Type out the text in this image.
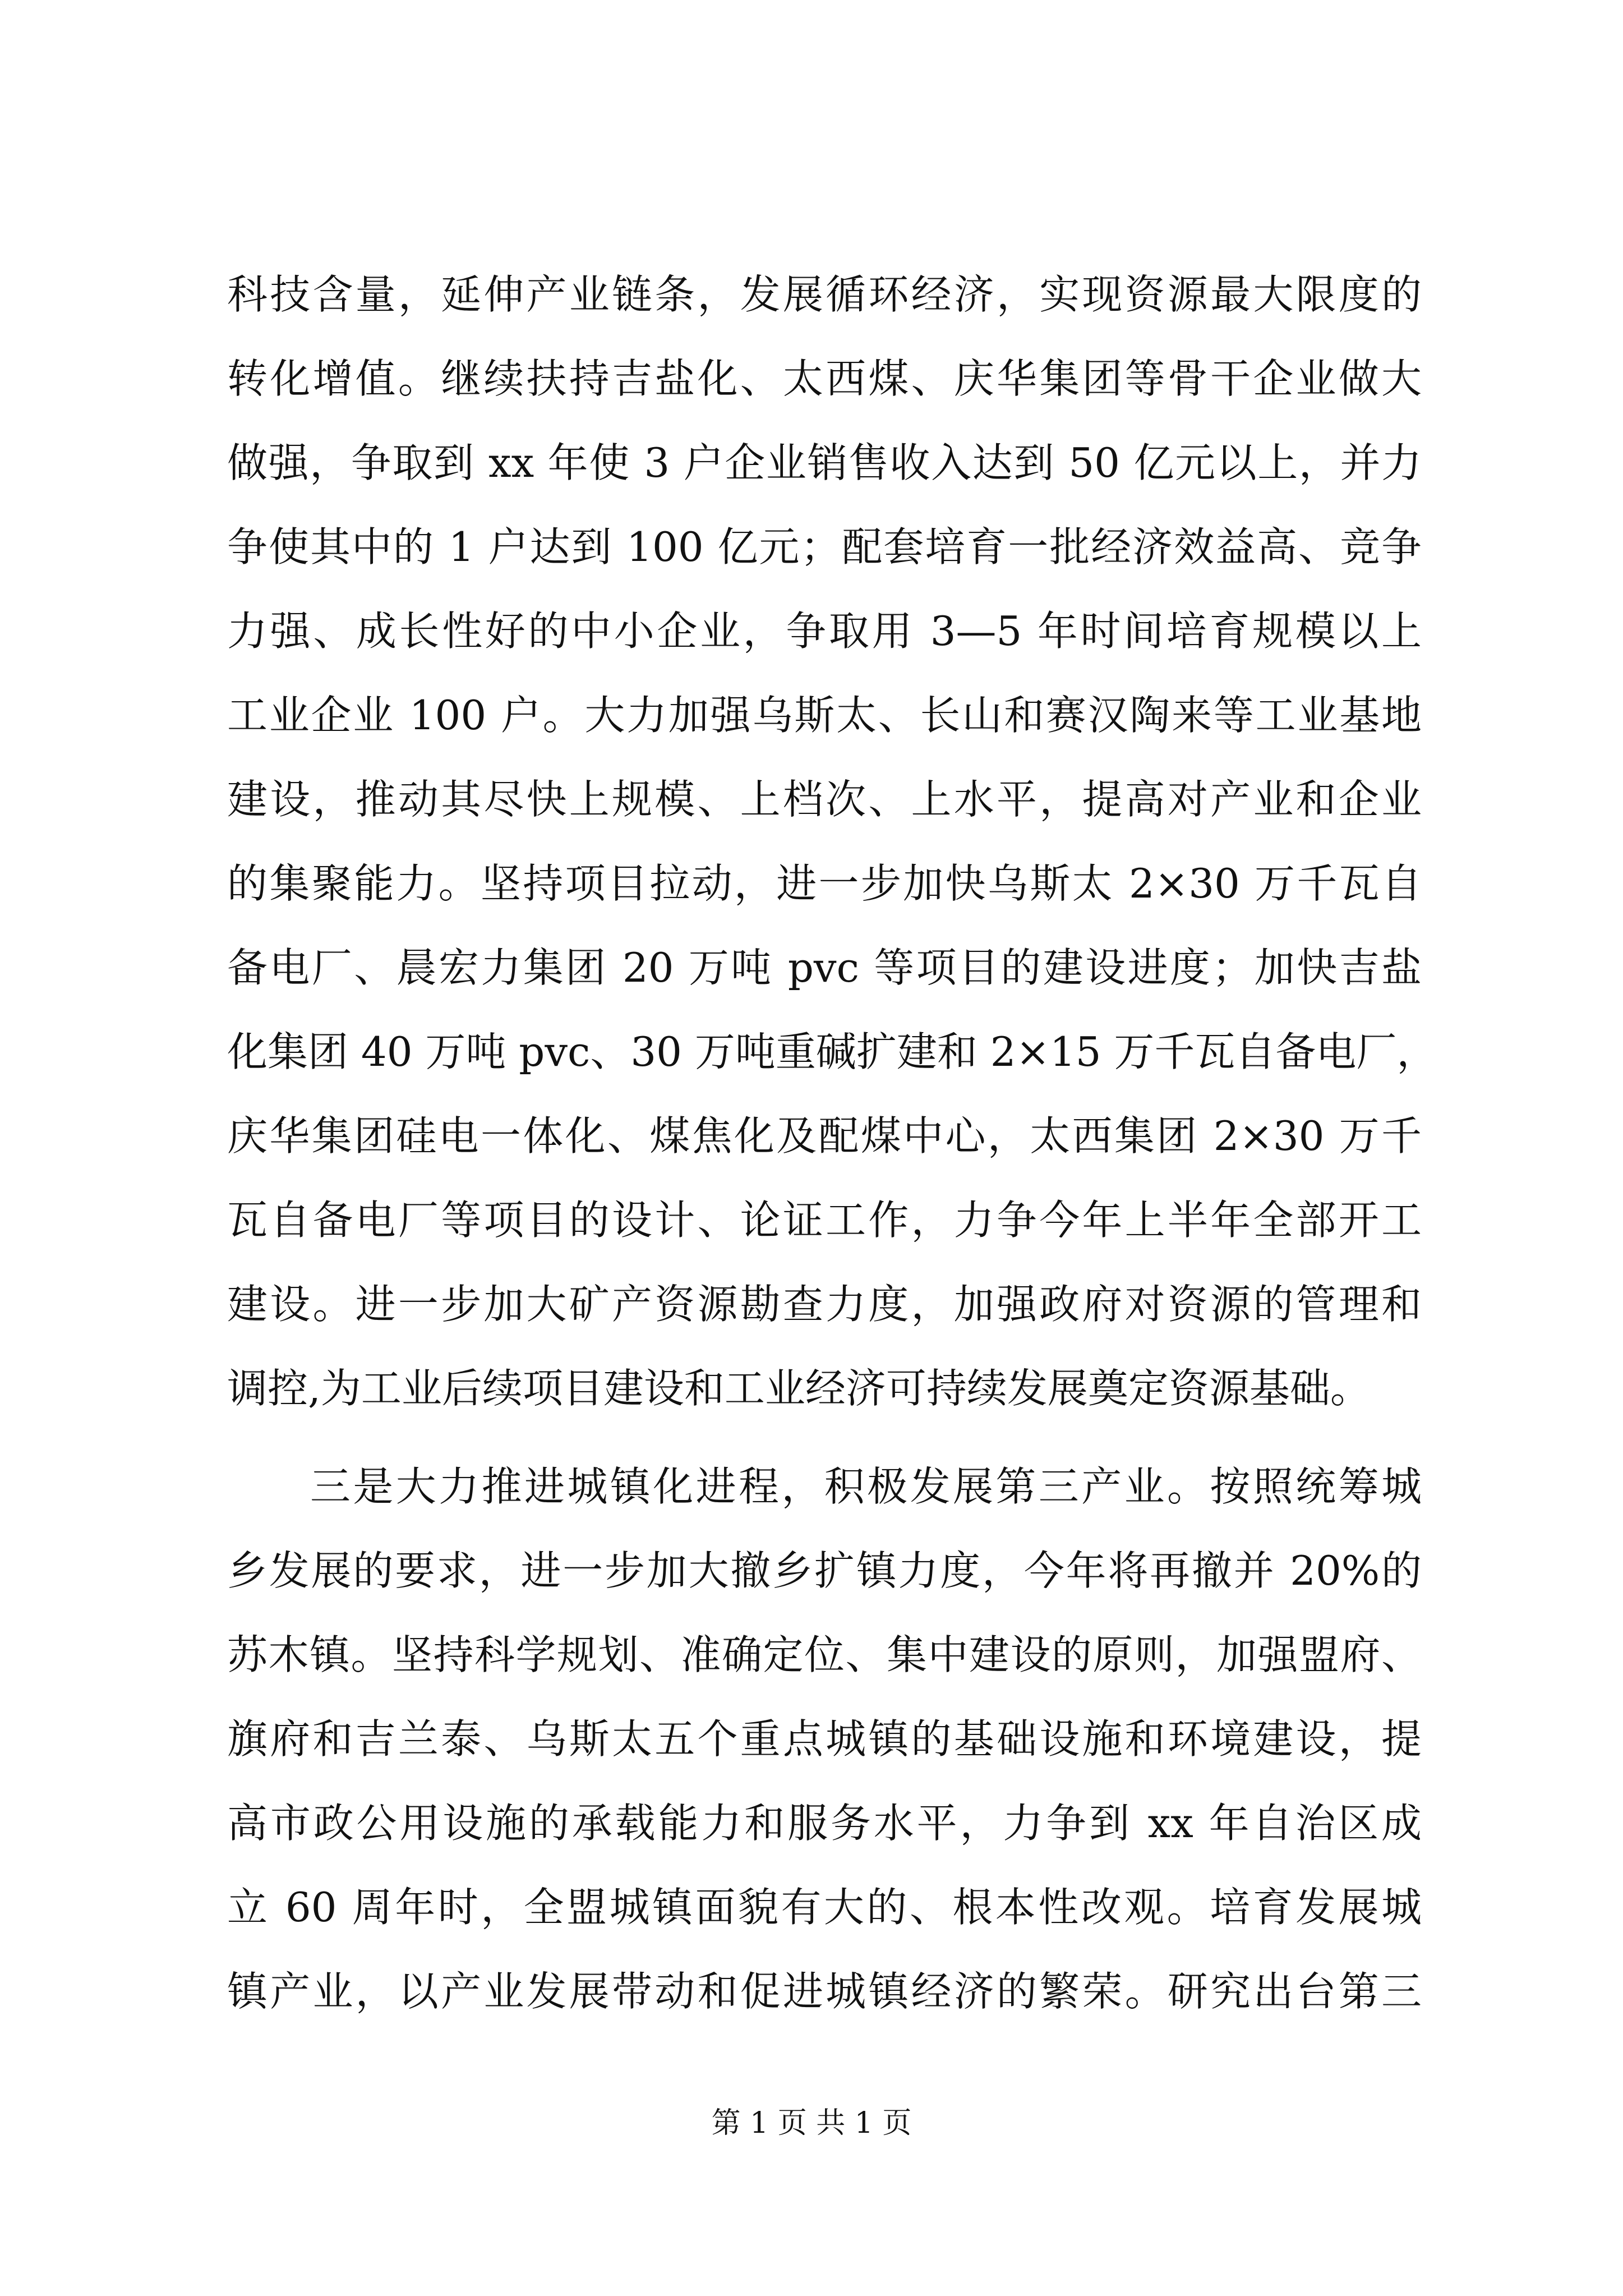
科技含量，延伸产业链条，发展循环经济，实现资源最大限度的
转化增值。继续扶持吉盐化、太西煤、庆华集团等骨干企业做大
做强，争取到 xx 年使 3 户企业销售收入达到 50 亿元以上，并力
争使其中的 1 户达到 100 亿元；配套培育一批经济效益高、竞争
力强、成长性好的中小企业，争取用 3—5 年时间培育规模以上
工业企业 100 户。大力加强乌斯太、长山和赛汉陶来等工业基地
建设，推动其尽快上规模、上档次、上水平，提高对产业和企业
的集聚能力。坚持项目拉动，进一步加快乌斯太 2×30 万千瓦自
备电厂、晨宏力集团 20 万吨 pvc 等项目的建设进度；加快吉盐
化集团 40 万吨 pvc、30 万吨重碱扩建和 2×15 万千瓦自备电厂，
庆华集团硅电一体化、煤焦化及配煤中心，太西集团 2×30 万千
瓦自备电厂等项目的设计、论证工作，力争今年上半年全部开工
建设。进一步加大矿产资源勘查力度，加强政府对资源的管理和
调控,为工业后续项目建设和工业经济可持续发展奠定资源基础。
三是大力推进城镇化进程，积极发展第三产业。按照统筹城
乡发展的要求，进一步加大撤乡扩镇力度，今年将再撤并 20%的
苏木镇。坚持科学规划、准确定位、集中建设的原则，加强盟府、
旗府和吉兰泰、乌斯太五个重点城镇的基础设施和环境建设，提
高市政公用设施的承载能力和服务水平，力争到 xx 年自治区成
立 60 周年时，全盟城镇面貌有大的、根本性改观。培育发展城
镇产业，以产业发展带动和促进城镇经济的繁荣。研究出台第三
第 1 页 共 1 页
